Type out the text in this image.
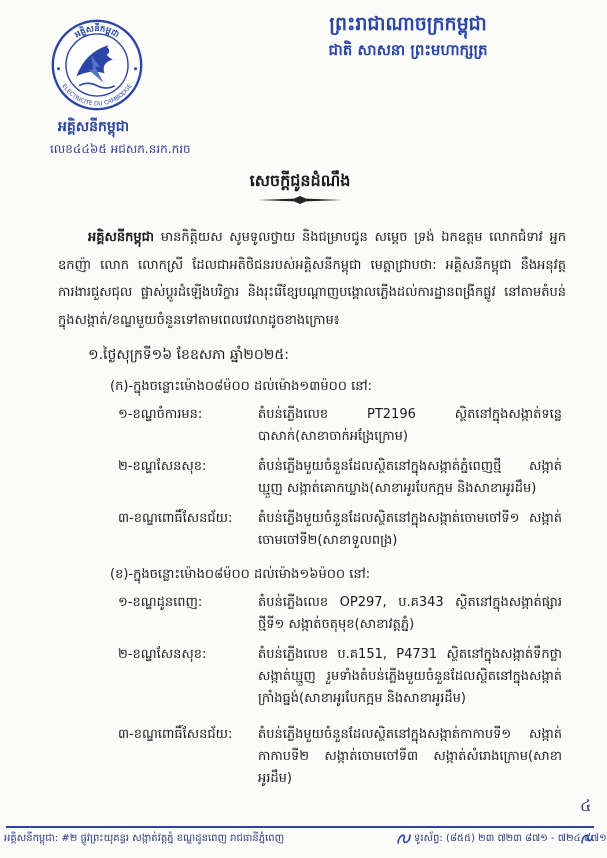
ព្រះរាជាណាចក្រកម្ពុជា
ជាតិ សាសនា ព្រះមហាក្សត្រ
អគ្គិសនីកម្ពុជា
ELECTRICITE DU CAMBODGE
អគ្គិសនីកម្ពុជា
លេខ៤៤៦៥ អជសក.នរក.ករច
សេចក្តីជូនដំណឹង

អគ្គិសនីកម្ពុជា មានកិត្តិយស សូមទូលថ្វាយ និងជម្រាបជូន សម្តេច ទ្រង់ ឯកឧត្តម លោកជំទាវ អ្នកឧកញ៉ា លោក លោកស្រី ដែលជាអតិថិជនរបស់អគ្គិសនីកម្ពុជា មេត្តាជ្រាបថា: អគ្គិសនីកម្ពុជា នឹងអនុវត្តការងារជួសជុល ផ្លាស់ប្តូរដំឡើងបរិក្ខារ និងរុះរើខ្សែបណ្តាញបង្គោលភ្លើងដល់ការដ្ឋានពង្រីកផ្លូវ នៅតាមតំបន់ក្នុងសង្កាត់/ខណ្ឌមួយចំនួនទៅតាមពេលវេលាដូចខាងក្រោម៖

១.ថ្ងៃសុក្រទី១៦ ខែឧសភា ឆ្នាំ២០២៥:
(ក)-ក្នុងចន្លោះម៉ោង០៨ម៉០០ ដល់ម៉ោង១៣ម៉០០ នៅ:
១-ខណ្ឌចំការមន:	តំបន់ភ្លើងលេខ PT2196 ស្ថិតនៅក្នុងសង្កាត់ទន្លេបាសាក់(សាខាចាក់អង្រែក្រោម)
២-ខណ្ឌសែនសុខ:	តំបន់ភ្លើងមួយចំនួនដែលស្ថិតនៅក្នុងសង្កាត់ភ្នំពេញថ្មី សង្កាត់ឃ្មួញ សង្កាត់គោកឃ្លាង(សាខាអូរបែកក្អម និងសាខាអូរដឹម)
៣-ខណ្ឌពោធិ៍សែនជ័យ:	តំបន់ភ្លើងមួយចំនួនដែលស្ថិតនៅក្នុងសង្កាត់ចោមចៅទី១ សង្កាត់ចោមចៅទី២(សាខាទួលពង្រ)
(ខ)-ក្នុងចន្លោះម៉ោង០៨ម៉០០ ដល់ម៉ោង១៦ម៉០០ នៅ:
១-ខណ្ឌដូនពេញ:	តំបន់ភ្លើងលេខ OP297, ប.គ343 ស្ថិតនៅក្នុងសង្កាត់ផ្សារថ្មីទី១ សង្កាត់ចតុមុខ(សាខាវត្តភ្នំ)
២-ខណ្ឌសែនសុខ:	តំបន់ភ្លើងលេខ ប.គ151, P4731 ស្ថិតនៅក្នុងសង្កាត់ទឹកថ្លា សង្កាត់ឃ្មួញ រួមទាំងតំបន់ភ្លើងមួយចំនួនដែលស្ថិតនៅក្នុងសង្កាត់ក្រាំងធ្នង់(សាខាអូរបែកក្អម និងសាខាអូរដឹម)
៣-ខណ្ឌពោធិ៍សែនជ័យ:	តំបន់ភ្លើងមួយចំនួនដែលស្ថិតនៅក្នុងសង្កាត់កាកាបទី១ សង្កាត់កាកាបទី២ សង្កាត់ចោមចៅទី៣ សង្កាត់សំរោងក្រោម(សាខាអូរដឹម)
៤
អគ្គិសនីកម្ពុជា: #២ ផ្លូវព្រះយុគន្ធរ សង្កាត់វត្តភ្នំ ខណ្ឌដូនពេញ រាជធានីភ្នំពេញ	ទូរស័ព្ទ: (៨៥៥) ២៣ ៧២៣ ៨៧១ - ៧២៤ ៩៧១
